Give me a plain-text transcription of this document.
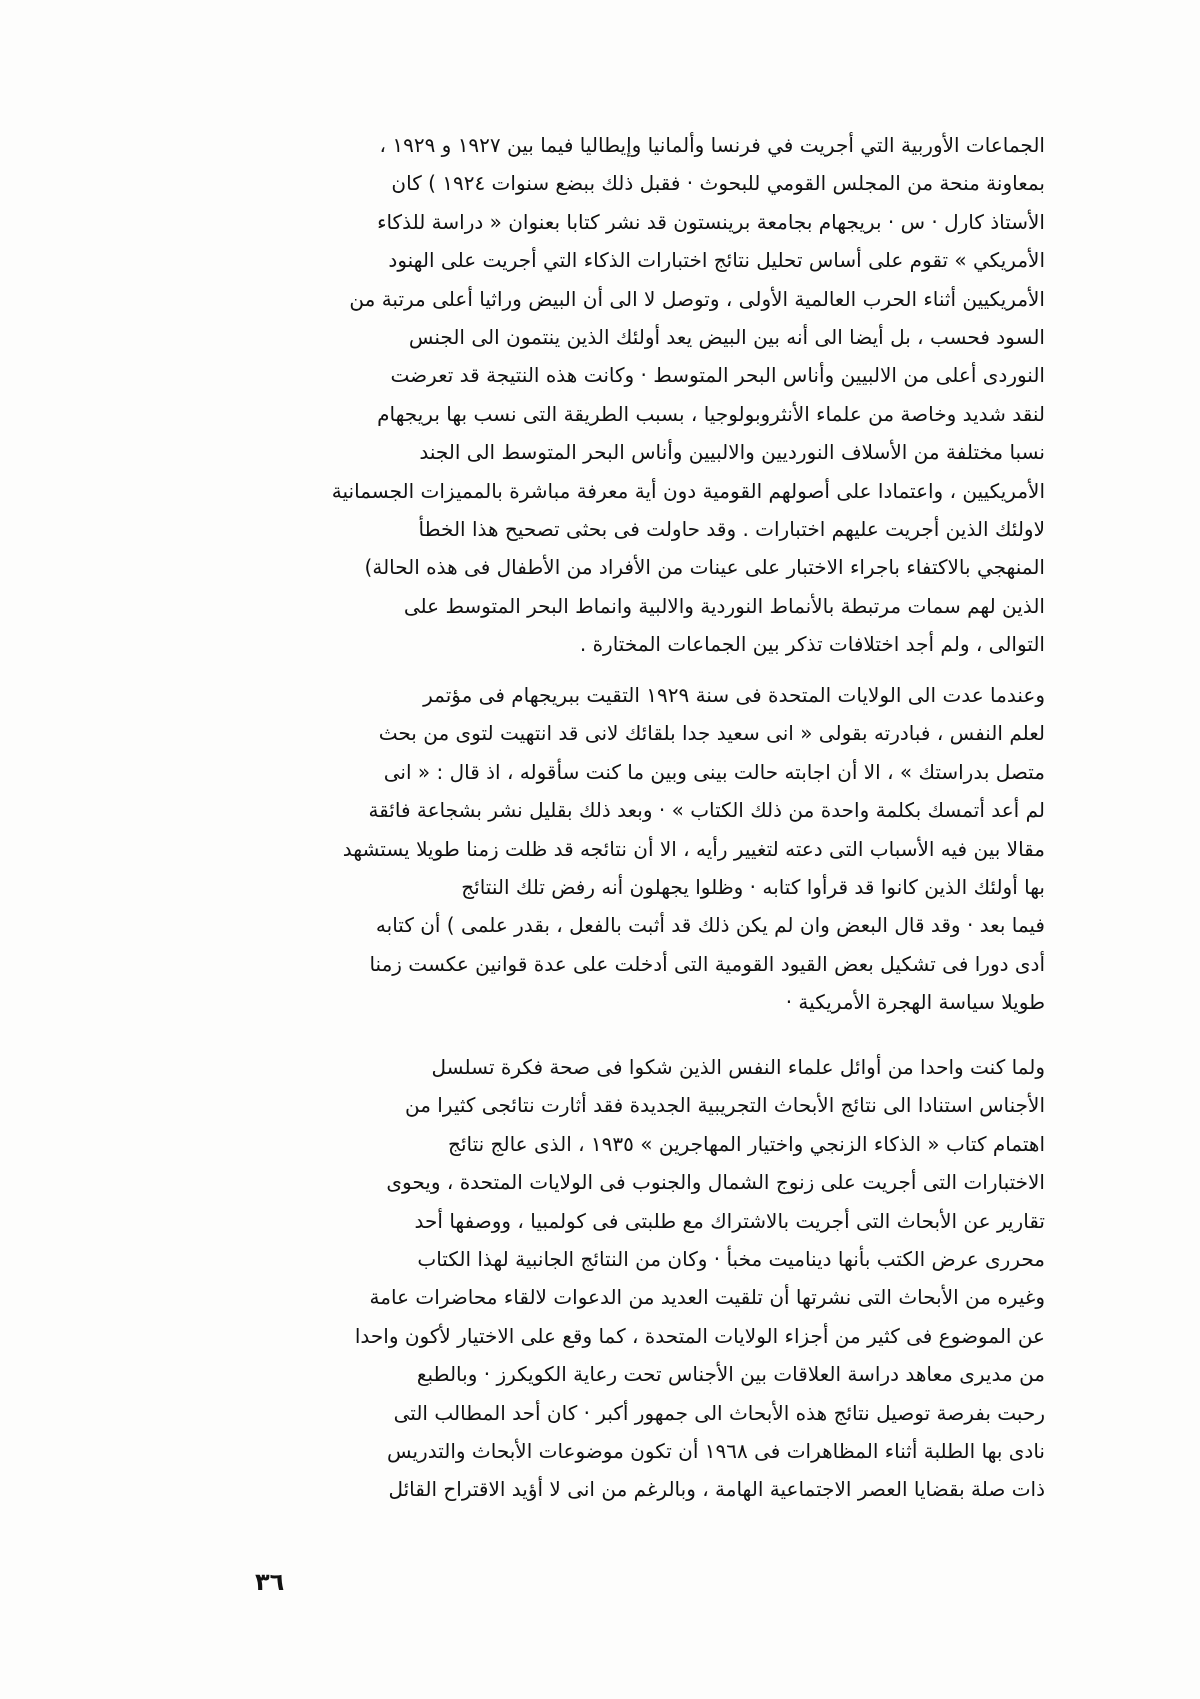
الجماعات الأوربية التي أجريت في فرنسا وألمانيا وإيطاليا فيما بين ١٩٢٧ و ١٩٢٩ ،
بمعاونة منحة من المجلس القومي للبحوث · فقبل ذلك ببضع سنوات ١٩٢٤ ) كان
الأستاذ كارل · س · بريجهام بجامعة برينستون قد نشر كتابا بعنوان « دراسة للذكاء
الأمريكي » تقوم على أساس تحليل نتائج اختبارات الذكاء التي أجريت على الهنود
الأمريكيين أثناء الحرب العالمية الأولى ، وتوصل لا الى أن البيض وراثيا أعلى مرتبة من
السود فحسب ، بل أيضا الى أنه بين البيض يعد أولئك الذين ينتمون الى الجنس
النوردى أعلى من الالبيين وأناس البحر المتوسط · وكانت هذه النتيجة قد تعرضت
لنقد شديد وخاصة من علماء الأنثروبولوجيا ، بسبب الطريقة التى نسب بها بريجهام
نسبا مختلفة من الأسلاف النورديين والالبيين وأناس البحر المتوسط الى الجند
الأمريكيين ، واعتمادا على أصولهم القومية دون أية معرفة مباشرة بالمميزات الجسمانية
لاولئك الذين أجريت عليهم اختبارات . وقد حاولت فى بحثى تصحيح هذا الخطأ
المنهجي بالاكتفاء باجراء الاختبار على عينات من الأفراد من الأطفال فى هذه الحالة)
الذين لهم سمات مرتبطة بالأنماط النوردية والالبية وانماط البحر المتوسط على
التوالى ، ولم أجد اختلافات تذكر بين الجماعات المختارة .

وعندما عدت الى الولايات المتحدة فى سنة ١٩٢٩ التقيت ببريجهام فى مؤتمر
لعلم النفس ، فبادرته بقولى « انى سعيد جدا بلقائك لانى قد انتهيت لتوى من بحث
متصل بدراستك » ، الا أن اجابته حالت بينى وبين ما كنت سأقوله ، اذ قال : « انى
لم أعد أتمسك بكلمة واحدة من ذلك الكتاب » · وبعد ذلك بقليل نشر بشجاعة فائقة
مقالا بين فيه الأسباب التى دعته لتغيير رأيه ، الا أن نتائجه قد ظلت زمنا طويلا يستشهد
بها أولئك الذين كانوا قد قرأوا كتابه · وظلوا يجهلون أنه رفض تلك النتائج
فيما بعد · وقد قال البعض وان لم يكن ذلك قد أثبت بالفعل ، بقدر علمى ) أن كتابه
أدى دورا فى تشكيل بعض القيود القومية التى أدخلت على عدة قوانين عكست زمنا
طويلا سياسة الهجرة الأمريكية ·

ولما كنت واحدا من أوائل علماء النفس الذين شكوا فى صحة فكرة تسلسل
الأجناس استنادا الى نتائج الأبحاث التجريبية الجديدة فقد أثارت نتائجى كثيرا من
اهتمام كتاب « الذكاء الزنجي واختيار المهاجرين » ١٩٣٥ ، الذى عالج نتائج
الاختبارات التى أجريت على زنوج الشمال والجنوب فى الولايات المتحدة ، ويحوى
تقارير عن الأبحاث التى أجريت بالاشتراك مع طلبتى فى كولمبيا ، ووصفها أحد
محررى عرض الكتب بأنها ديناميت مخبأ · وكان من النتائج الجانبية لهذا الكتاب
وغيره من الأبحاث التى نشرتها أن تلقيت العديد من الدعوات لالقاء محاضرات عامة
عن الموضوع فى كثير من أجزاء الولايات المتحدة ، كما وقع على الاختيار لأكون واحدا
من مديرى معاهد دراسة العلاقات بين الأجناس تحت رعاية الكويكرز · وبالطبع
رحبت بفرصة توصيل نتائج هذه الأبحاث الى جمهور أكبر · كان أحد المطالب التى
نادى بها الطلبة أثناء المظاهرات فى ١٩٦٨ أن تكون موضوعات الأبحاث والتدريس
ذات صلة بقضايا العصر الاجتماعية الهامة ، وبالرغم من انى لا أؤيد الاقتراح القائل

٣٦
